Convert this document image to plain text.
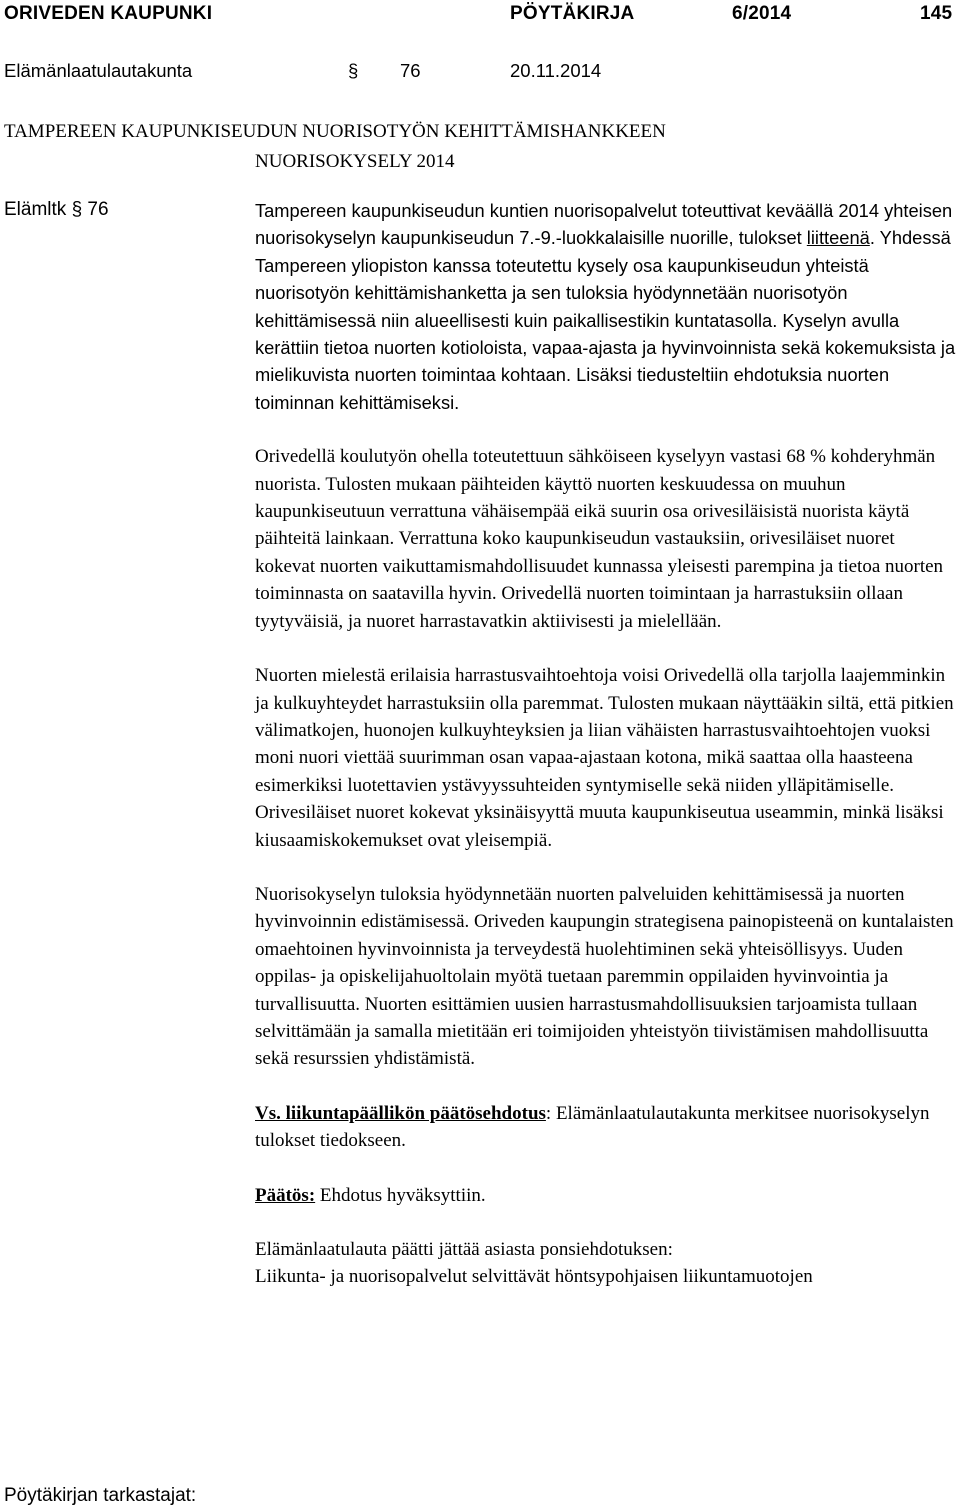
ORIVEDEN KAUPUNKI	PÖYTÄKIRJA	6/2014	145
Elämänlaatulautakunta	§ 76	20.11.2014
TAMPEREEN KAUPUNKISEUDUN NUORISOTYÖN KEHITTÄMISHANKKEEN
NUORISOKYSELY 2014
Elämltk § 76	Tampereen kaupunkiseudun kuntien nuorisopalvelut toteuttivat keväällä 2014 yhteisen nuorisokyselyn kaupunkiseudun 7.-9.-luokkalaisille nuorille, tulokset liitteenä. Yhdessä Tampereen yliopiston kanssa toteutettu kysely osa kaupunkiseudun yhteistä nuorisotyön kehittämishanketta ja sen tuloksia hyödynnetään nuorisotyön kehittämisessä niin alueellisesti kuin paikallisestikin kuntatasolla. Kyselyn avulla kerättiin tietoa nuorten kotioloista, vapaa-ajasta ja hyvinvoinnista sekä kokemuksista ja mielikuvista nuorten toimintaa kohtaan. Lisäksi tiedusteltiin ehdotuksia nuorten toiminnan kehittämiseksi.

Orivedellä koulutyön ohella toteutettuun sähköiseen kyselyyn vastasi 68 % kohderyhmän nuorista. Tulosten mukaan päihteiden käyttö nuorten keskuudessa on muuhun kaupunkiseutuun verrattuna vähäisempää eikä suurin osa orivesiläisistä nuorista käytä päihteitä lainkaan. Verrattuna koko kaupunkiseudun vastauksiin, orivesiläiset nuoret kokevat nuorten vaikuttamismahdollisuudet kunnassa yleisesti parempina ja tietoa nuorten toiminnasta on saatavilla hyvin. Orivedellä nuorten toimintaan ja harrastuksiin ollaan tyytyväisiä, ja nuoret harrastavatkin aktiivisesti ja mielellään.

Nuorten mielestä erilaisia harrastusvaihtoehtoja voisi Orivedellä olla tarjolla laajemminkin ja kulkuyhteydet harrastuksiin olla paremmat. Tulosten mukaan näyttääkin siltä, että pitkien välimatkojen, huonojen kulkuyhteyksien ja liian vähäisten harrastusvaihtoehtojen vuoksi moni nuori viettää suurimman osan vapaa-ajastaan kotona, mikä saattaa olla haasteena esimerkiksi luotettavien ystävyyssuhteiden syntymiselle sekä niiden ylläpitämiselle. Orivesiläiset nuoret kokevat yksinäisyyttä muuta kaupunkiseutua useammin, minkä lisäksi kiusaamiskokemukset ovat yleisempiä.

Nuorisokyselyn tuloksia hyödynnetään nuorten palveluiden kehittämisessä ja nuorten hyvinvoinnin edistämisessä. Oriveden kaupungin strategisena painopisteenä on kuntalaisten omaehtoinen hyvinvoinnista ja terveydestä huolehtiminen sekä yhteisöllisyys. Uuden oppilas- ja opiskelijahuoltolain myötä tuetaan paremmin oppilaiden hyvinvointia ja turvallisuutta. Nuorten esittämien uusien harrastusmahdollisuuksien tarjoamista tullaan selvittämään ja samalla mietitään eri toimijoiden yhteistyön tiivistämisen mahdollisuutta sekä resurssien yhdistämistä.

Vs. liikuntapäällikön päätösehdotus: Elämänlaatulautakunta merkitsee nuorisokyselyn tulokset tiedokseen.

Päätös: Ehdotus hyväksyttiin.

Elämänlaatulauta päätti jättää asiasta ponsiehdotuksen:

Liikunta- ja nuorisopalvelut selvittävät höntsypohjaisen liikuntamuotojen

Pöytäkirjan tarkastajat:
